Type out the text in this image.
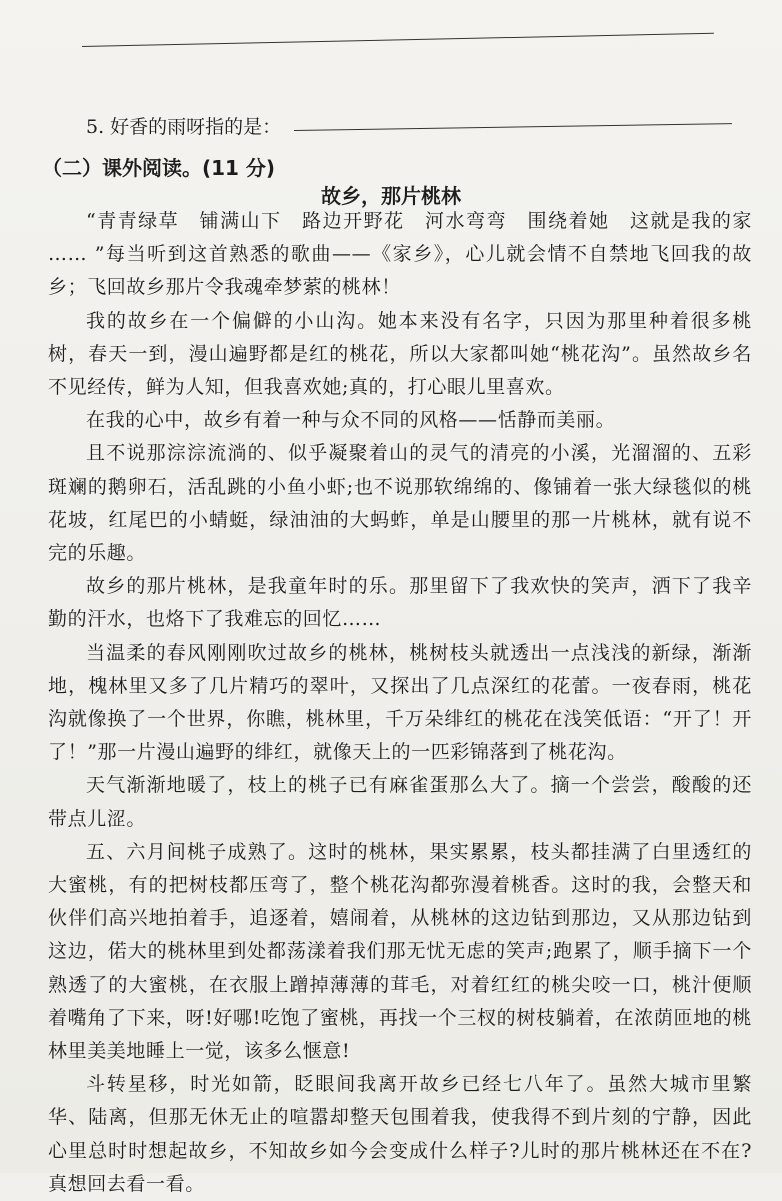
5. 好香的雨呀指的是：
（二）课外阅读。(11 分)
故乡，那片桃林

“青青绿草　铺满山下　路边开野花　河水弯弯　围绕着她　这就是我的家 …… ”每当听到这首熟悉的歌曲——《家乡》，心儿就会情不自禁地飞回我的故乡；飞回故乡那片令我魂牵梦萦的桃林！

我的故乡在一个偏僻的小山沟。她本来没有名字，只因为那里种着很多桃树，春天一到，漫山遍野都是红的桃花，所以大家都叫她“桃花沟”。虽然故乡名不见经传，鲜为人知，但我喜欢她;真的，打心眼儿里喜欢。

在我的心中，故乡有着一种与众不同的风格——恬静而美丽。

且不说那淙淙流淌的、似乎凝聚着山的灵气的清亮的小溪，光溜溜的、五彩斑斓的鹅卵石，活乱跳的小鱼小虾;也不说那软绵绵的、像铺着一张大绿毯似的桃花坡，红尾巴的小蜻蜓，绿油油的大蚂蚱，单是山腰里的那一片桃林，就有说不完的乐趣。

故乡的那片桃林，是我童年时的乐。那里留下了我欢快的笑声，洒下了我辛勤的汗水，也烙下了我难忘的回忆……

当温柔的春风刚刚吹过故乡的桃林，桃树枝头就透出一点浅浅的新绿，渐渐地，槐林里又多了几片精巧的翠叶，又探出了几点深红的花蕾。一夜春雨，桃花沟就像换了一个世界，你瞧，桃林里，千万朵绯红的桃花在浅笑低语：“开了！开了！”那一片漫山遍野的绯红，就像天上的一匹彩锦落到了桃花沟。

天气渐渐地暖了，枝上的桃子已有麻雀蛋那么大了。摘一个尝尝，酸酸的还带点儿涩。

五、六月间桃子成熟了。这时的桃林，果实累累，枝头都挂满了白里透红的大蜜桃，有的把树枝都压弯了，整个桃花沟都弥漫着桃香。这时的我，会整天和伙伴们高兴地拍着手，追逐着，嬉闹着，从桃林的这边钻到那边，又从那边钻到这边，偌大的桃林里到处都荡漾着我们那无忧无虑的笑声;跑累了，顺手摘下一个熟透了的大蜜桃，在衣服上蹭掉薄薄的茸毛，对着红红的桃尖咬一口，桃汁便顺着嘴角了下来，呀!好哪!吃饱了蜜桃，再找一个三杈的树枝躺着，在浓荫匝地的桃林里美美地睡上一觉，该多么惬意!

斗转星移，时光如箭，眨眼间我离开故乡已经七八年了。虽然大城市里繁华、陆离，但那无休无止的喧嚣却整天包围着我，使我得不到片刻的宁静，因此心里总时时想起故乡，不知故乡如今会变成什么样子?儿时的那片桃林还在不在?真想回去看一看。
